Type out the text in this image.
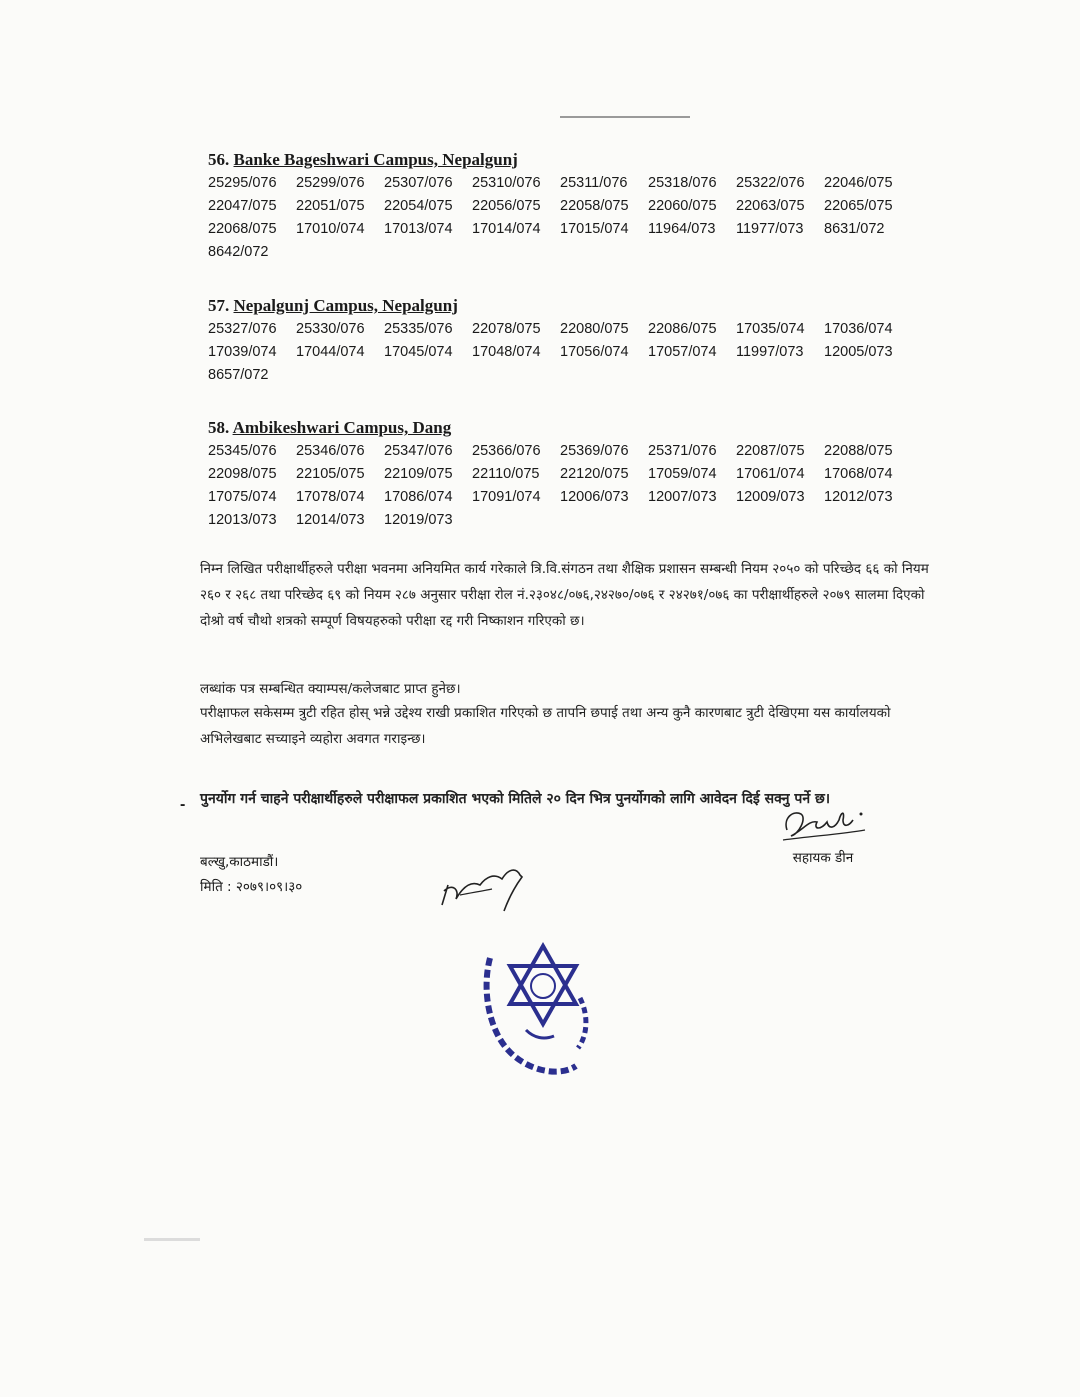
56. Banke Bageshwari Campus, Nepalgunj
25295/076	25299/076	25307/076	25310/076	25311/076	25318/076	25322/076	22046/075
22047/075	22051/075	22054/075	22056/075	22058/075	22060/075	22063/075	22065/075
22068/075	17010/074	17013/074	17014/074	17015/074	11964/073	11977/073	8631/072
8642/072
57. Nepalgunj Campus, Nepalgunj
25327/076	25330/076	25335/076	22078/075	22080/075	22086/075	17035/074	17036/074
17039/074	17044/074	17045/074	17048/074	17056/074	17057/074	11997/073	12005/073
8657/072
58. Ambikeshwari Campus, Dang
25345/076	25346/076	25347/076	25366/076	25369/076	25371/076	22087/075	22088/075
22098/075	22105/075	22109/075	22110/075	22120/075	17059/074	17061/074	17068/074
17075/074	17078/074	17086/074	17091/074	12006/073	12007/073	12009/073	12012/073
12013/073	12014/073	12019/073
निम्न लिखित परीक्षार्थीहरुले परीक्षा भवनमा अनियमित कार्य गरेकाले त्रि.वि.संगठन तथा शैक्षिक प्रशासन सम्बन्धी नियम २०५० को परिच्छेद ६६ को नियम २६० र २६८ तथा परिच्छेद ६९ को नियम २८७ अनुसार परीक्षा रोल नं.२३०४८/०७६,२४२७०/०७६ र २४२७१/०७६ का परीक्षार्थीहरुले २०७९ सालमा दिएको दोश्रो वर्ष चौथो शत्रको सम्पूर्ण विषयहरुको परीक्षा रद्द गरी निष्काशन गरिएको छ।
लब्धांक पत्र सम्बन्धित क्याम्पस/कलेजबाट प्राप्त हुनेछ।
परीक्षाफल सकेसम्म त्रुटी रहित होस् भन्ने उद्देश्य राखी प्रकाशित गरिएको छ तापनि छपाई तथा अन्य कुनै कारणबाट त्रुटी देखिएमा यस कार्यालयको अभिलेखबाट सच्याइने व्यहोरा अवगत गराइन्छ।
- पुनर्योग गर्न चाहने परीक्षार्थीहरुले परीक्षाफल प्रकाशित भएको मितिले २० दिन भित्र पुनर्योगको लागि आवेदन दिई सक्नु पर्ने छ।
सहायक डीन
बल्खु,काठमाडौं।
मिति : २०७९।०९।३०
